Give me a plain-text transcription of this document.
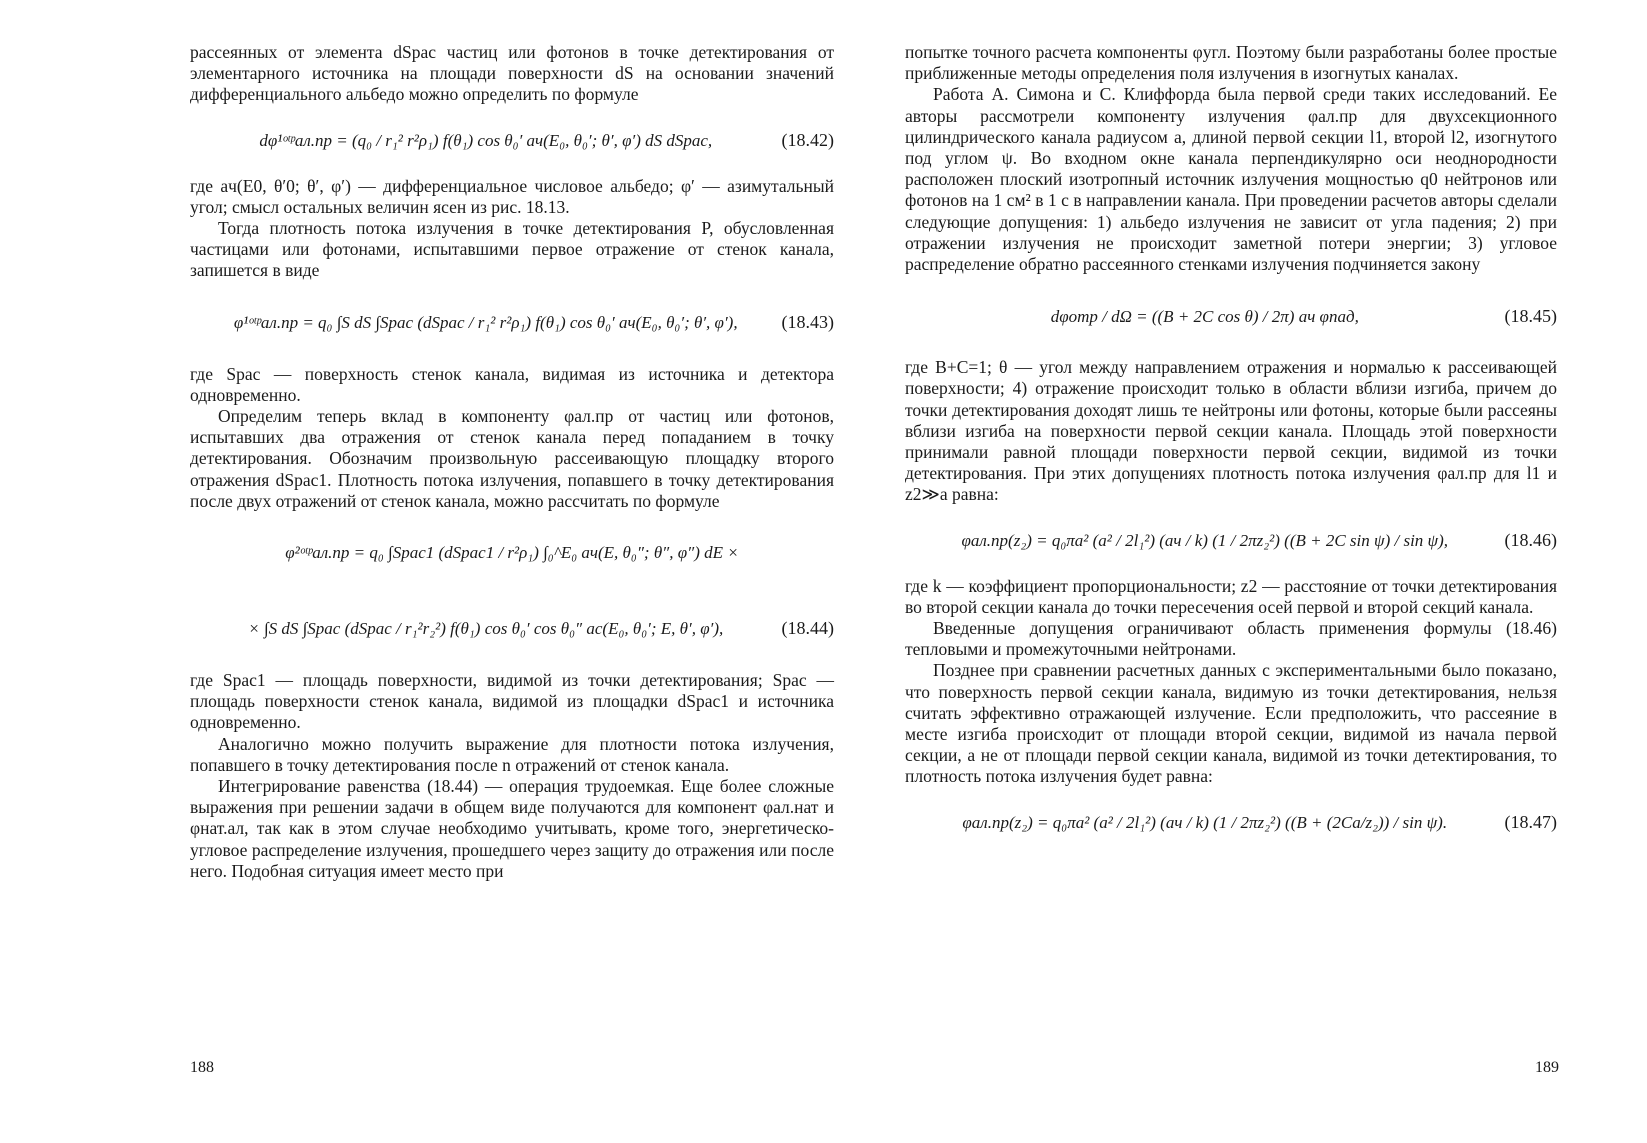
рассеянных от элемента dSрас частиц или фотонов в точке детектирования от элементарного источника на площади поверхности dS на основании значений дифференциального альбедо можно определить по формуле

dφ¹ᵒᵗᵖал.пр = (q₀ / r₁² r²ρ₁) f(θ₁) cos θ₀′ aч(E₀, θ₀′; θ′, φ′) dS dSрас,	(18.42)

где aч(E0, θ′0; θ′, φ′) — дифференциальное числовое альбедо; φ′ — азимутальный угол; смысл остальных величин ясен из рис. 18.13.

Тогда плотность потока излучения в точке детектирования P, обусловленная частицами или фотонами, испытавшими первое отражение от стенок канала, запишется в виде

φ¹ᵒᵗᵖал.пр = q₀ ∫S dS ∫Sрас (dSрас / r₁² r²ρ₁) f(θ₁) cos θ₀′ aч(E₀, θ₀′; θ′, φ′),	(18.43)

где Sрас — поверхность стенок канала, видимая из источника и детектора одновременно.

Определим теперь вклад в компоненту φал.пр от частиц или фотонов, испытавших два отражения от стенок канала перед попаданием в точку детектирования. Обозначим произвольную рассеивающую площадку второго отражения dSрас1. Плотность потока излучения, попавшего в точку детектирования после двух отражений от стенок канала, можно рассчитать по формуле

φ²ᵒᵗᵖал.пр = q₀ ∫Sрас1 (dSрас1 / r²ρ₁) ∫₀^E₀ aч(E, θ₀″; θ″, φ″) dE ×
× ∫S dS ∫Sрас (dSрас / r₁²r₂²) f(θ₁) cos θ₀′ cos θ₀″ ac(E₀, θ₀′; E, θ′, φ′),	(18.44)

где Sрас1 — площадь поверхности, видимой из точки детектирования; Sрас — площадь поверхности стенок канала, видимой из площадки dSрас1 и источника одновременно.

Аналогично можно получить выражение для плотности потока излучения, попавшего в точку детектирования после n отражений от стенок канала.

Интегрирование равенства (18.44) — операция трудоемкая. Еще более сложные выражения при решении задачи в общем виде получаются для компонент φал.нат и φнат.ал, так как в этом случае необходимо учитывать, кроме того, энергетическо-угловое распределение излучения, прошедшего через защиту до отражения или после него. Подобная ситуация имеет место при

188

попытке точного расчета компоненты φугл. Поэтому были разработаны более простые приближенные методы определения поля излучения в изогнутых каналах.

Работа А. Симона и С. Клиффорда была первой среди таких исследований. Ее авторы рассмотрели компоненту излучения φал.пр для двухсекционного цилиндрического канала радиусом a, длиной первой секции l1, второй l2, изогнутого под углом ψ. Во входном окне канала перпендикулярно оси неоднородности расположен плоский изотропный источник излучения мощностью q0 нейтронов или фотонов на 1 см² в 1 с в направлении канала. При проведении расчетов авторы сделали следующие допущения: 1) альбедо излучения не зависит от угла падения; 2) при отражении излучения не происходит заметной потери энергии; 3) угловое распределение обратно рассеянного стенками излучения подчиняется закону

dφотр / dΩ = ((B + 2C cos θ) / 2π) aч φпад,	(18.45)

где B+C=1; θ — угол между направлением отражения и нормалью к рассеивающей поверхности; 4) отражение происходит только в области вблизи изгиба, причем до точки детектирования доходят лишь те нейтроны или фотоны, которые были рассеяны вблизи изгиба на поверхности первой секции канала. Площадь этой поверхности принимали равной площади поверхности первой секции, видимой из точки детектирования. При этих допущениях плотность потока излучения φал.пр для l1 и z2≫a равна:

φал.пр(z₂) = q₀πa² (a² / 2l₁²) (aч / k) (1 / 2πz₂²) ((B + 2C sin ψ) / sin ψ),	(18.46)

где k — коэффициент пропорциональности; z2 — расстояние от точки детектирования во второй секции канала до точки пересечения осей первой и второй секций канала.

Введенные допущения ограничивают область применения формулы (18.46) тепловыми и промежуточными нейтронами.

Позднее при сравнении расчетных данных с экспериментальными было показано, что поверхность первой секции канала, видимую из точки детектирования, нельзя считать эффективно отражающей излучение. Если предположить, что рассеяние в месте изгиба происходит от площади второй секции, видимой из начала первой секции, а не от площади первой секции канала, видимой из точки детектирования, то плотность потока излучения будет равна:

φал.пр(z₂) = q₀πa² (a² / 2l₁²) (aч / k) (1 / 2πz₂²) ((B + (2Ca/z₂)) / sin ψ).	(18.47)
189
